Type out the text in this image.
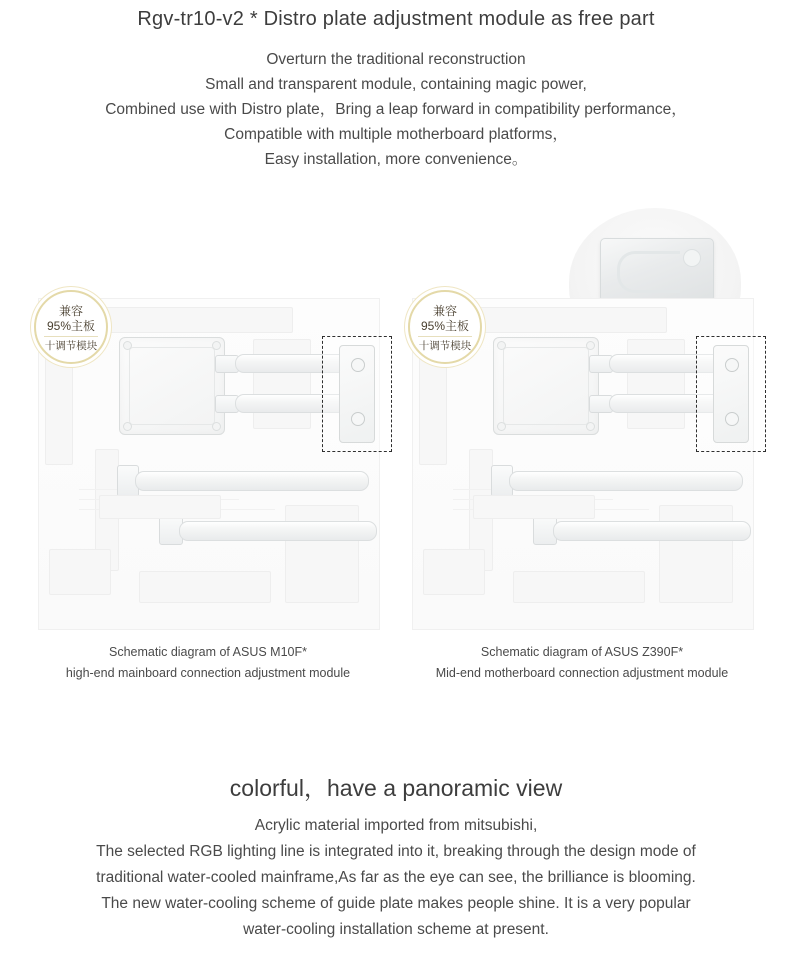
Rgv-tr10-v2 * Distro plate adjustment module as free part
Overturn the traditional reconstruction
Small and transparent module, containing magic power,
Combined use with Distro plate，Bring a leap forward in compatibility performance，
Compatible with multiple motherboard platforms，
Easy installation, more convenience。
兼容
95%主板
十调节模块
兼容
95%主板
十调节模块
Schematic diagram of ASUS M10F*
high-end mainboard connection adjustment module
Schematic diagram of ASUS Z390F*
Mid-end motherboard connection adjustment module
colorful，have a panoramic view
Acrylic material imported from mitsubishi,
The selected RGB lighting line is integrated into it, breaking through the design mode of
traditional water-cooled mainframe,As far as the eye can see, the brilliance is blooming.
The new water-cooling scheme of guide plate makes people shine. It is a very popular
water-cooling installation scheme at present.
